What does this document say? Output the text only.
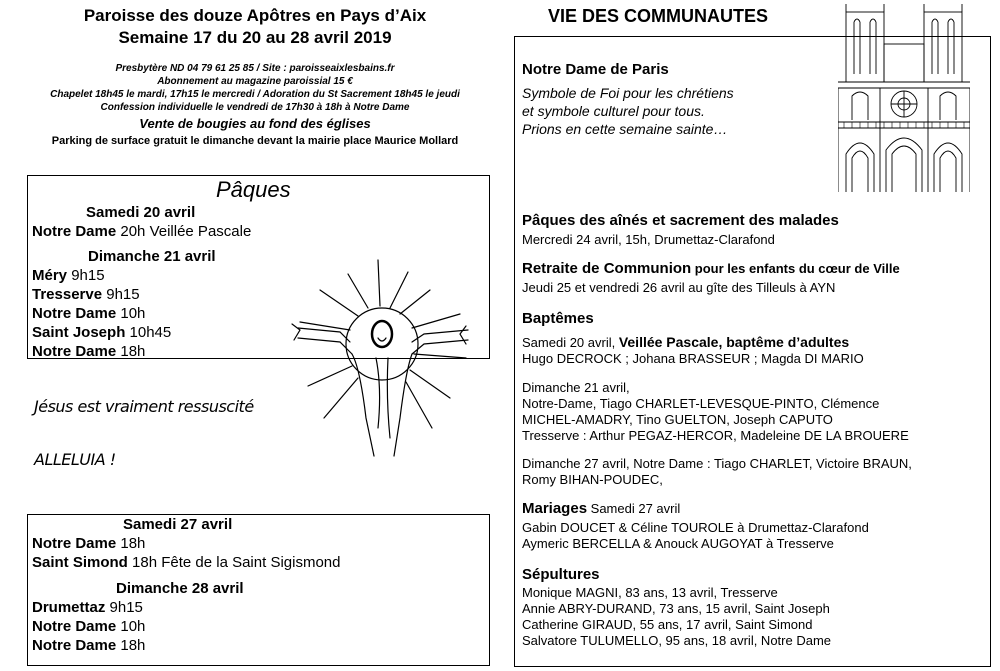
Paroisse des douze Apôtres en Pays d’Aix
Semaine 17 du 20 au 28 avril 2019
Presbytère ND 04 79 61 25 85 / Site : paroisseaixlesbains.fr
Abonnement au magazine paroissial 15 €
Chapelet 18h45 le mardi, 17h15 le mercredi / Adoration du St Sacrement 18h45 le jeudi
Confession individuelle le vendredi de 17h30 à 18h à Notre Dame
Vente de bougies au fond des églises
Parking de surface gratuit le dimanche devant la mairie place Maurice Mollard
Pâques
Samedi 20 avril
Notre Dame 20h Veillée Pascale
Dimanche 21 avril
Méry 9h15
Tresserve 9h15
Notre Dame 10h
Saint Joseph 10h45
Notre Dame 18h
Jésus est vraiment ressuscité
ALLELUIA !
Samedi 27 avril
Notre Dame 18h
Saint Simond 18h Fête de la Saint Sigismond
Dimanche 28 avril
Drumettaz 9h15
Notre Dame 10h
Notre Dame 18h
VIE DES COMMUNAUTES
Notre Dame de Paris
Symbole de Foi pour les chrétiens
et symbole culturel pour tous.
Prions en cette semaine sainte…
Pâques des aînés et sacrement des malades
Mercredi 24 avril, 15h, Drumettaz-Clarafond
Retraite de Communion pour les enfants du cœur de Ville
Jeudi 25 et vendredi 26 avril au gîte des Tilleuls à AYN
Baptêmes
Samedi 20 avril, Veillée Pascale, baptême d’adultes
Hugo DECROCK ; Johana BRASSEUR ; Magda DI MARIO
Dimanche 21 avril,
Notre-Dame, Tiago CHARLET-LEVESQUE-PINTO, Clémence
MICHEL-AMADRY, Tino GUELTON, Joseph CAPUTO
Tresserve : Arthur PEGAZ-HERCOR, Madeleine DE LA BROUERE
Dimanche 27 avril, Notre Dame : Tiago CHARLET, Victoire BRAUN,
Romy BIHAN-POUDEC,
Mariages Samedi 27 avril
Gabin DOUCET & Céline TOUROLE à Drumettaz-Clarafond
Aymeric BERCELLA & Anouck AUGOYAT à Tresserve
Sépultures
Monique MAGNI, 83 ans, 13 avril, Tresserve
Annie ABRY-DURAND, 73 ans, 15 avril, Saint Joseph
Catherine GIRAUD, 55 ans, 17 avril, Saint Simond
Salvatore TULUMELLO, 95 ans, 18 avril, Notre Dame
